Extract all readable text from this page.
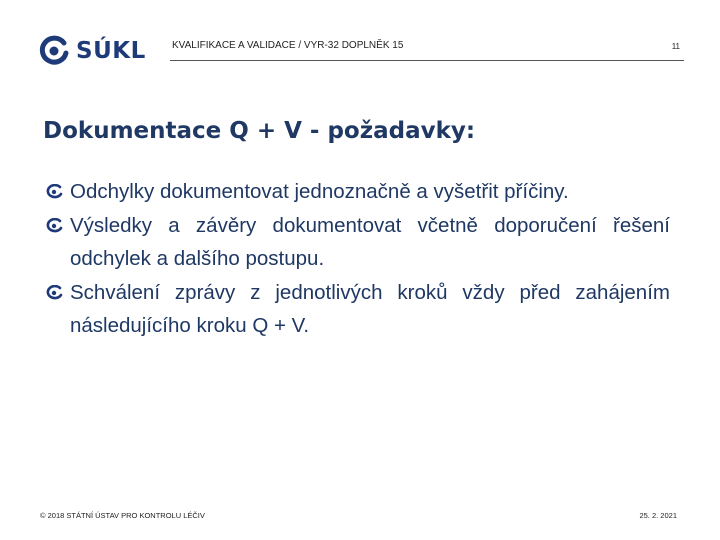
SÚKL	KVALIFIKACE A VALIDACE / VYR-32 DOPLNĚK 15	11
Dokumentace Q + V - požadavky:
Odchylky dokumentovat jednoznačně a vyšetřit příčiny.
Výsledky a závěry dokumentovat včetně doporučení řešení odchylek a dalšího postupu.
Schválení zprávy z jednotlivých kroků vždy před zahájením následujícího kroku Q + V.
© 2018 STÁTNÍ ÚSTAV PRO KONTROLU LÉČIV	25. 2. 2021
